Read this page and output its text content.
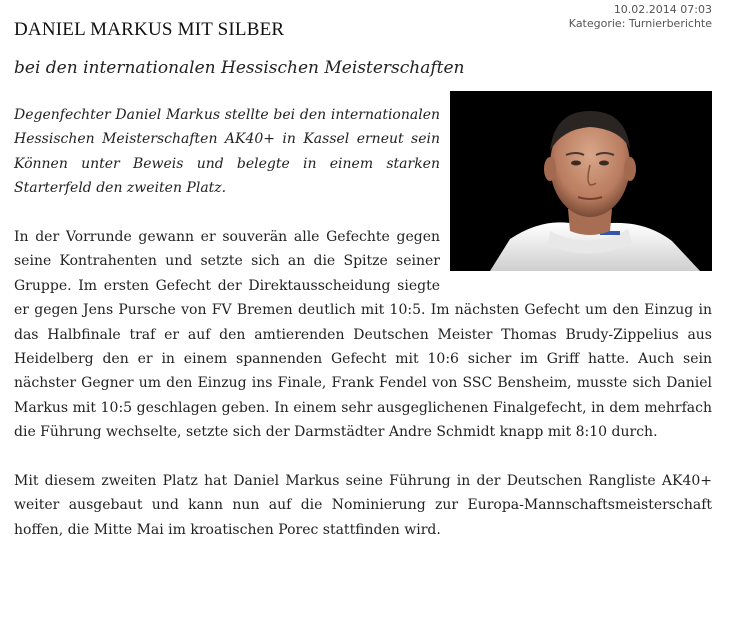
10.02.2014 07:03
Kategorie: Turnierberichte
DANIEL MARKUS MIT SILBER
bei den internationalen Hessischen Meisterschaften

Degenfechter Daniel Markus stellte bei den internationalen Hessischen Meisterschaften AK40+ in Kassel erneut sein Können unter Beweis und belegte in einem starken Starterfeld den zweiten Platz.

In der Vorrunde gewann er souverän alle Gefechte gegen seine Kontrahenten und setzte sich an die Spitze seiner Gruppe. Im ersten Gefecht der Direktausscheidung siegte er gegen Jens Pursche von FV Bremen deutlich mit 10:5. Im nächsten Gefecht um den Einzug in das Halbfinale traf er auf den amtierenden Deutschen Meister Thomas Brudy-Zippelius aus Heidelberg den er in einem spannenden Gefecht mit 10:6 sicher im Griff hatte. Auch sein nächster Gegner um den Einzug ins Finale, Frank Fendel von SSC Bensheim, musste sich Daniel Markus mit 10:5 geschlagen geben. In einem sehr ausgeglichenen Finalgefecht, in dem mehrfach die Führung wechselte, setzte sich der Darmstädter Andre Schmidt knapp mit 8:10 durch.

Mit diesem zweiten Platz hat Daniel Markus seine Führung in der Deutschen Rangliste AK40+ weiter ausgebaut und kann nun auf die Nominierung zur Europa-Mannschaftsmeisterschaft hoffen, die Mitte Mai im kroatischen Porec stattfinden wird.
